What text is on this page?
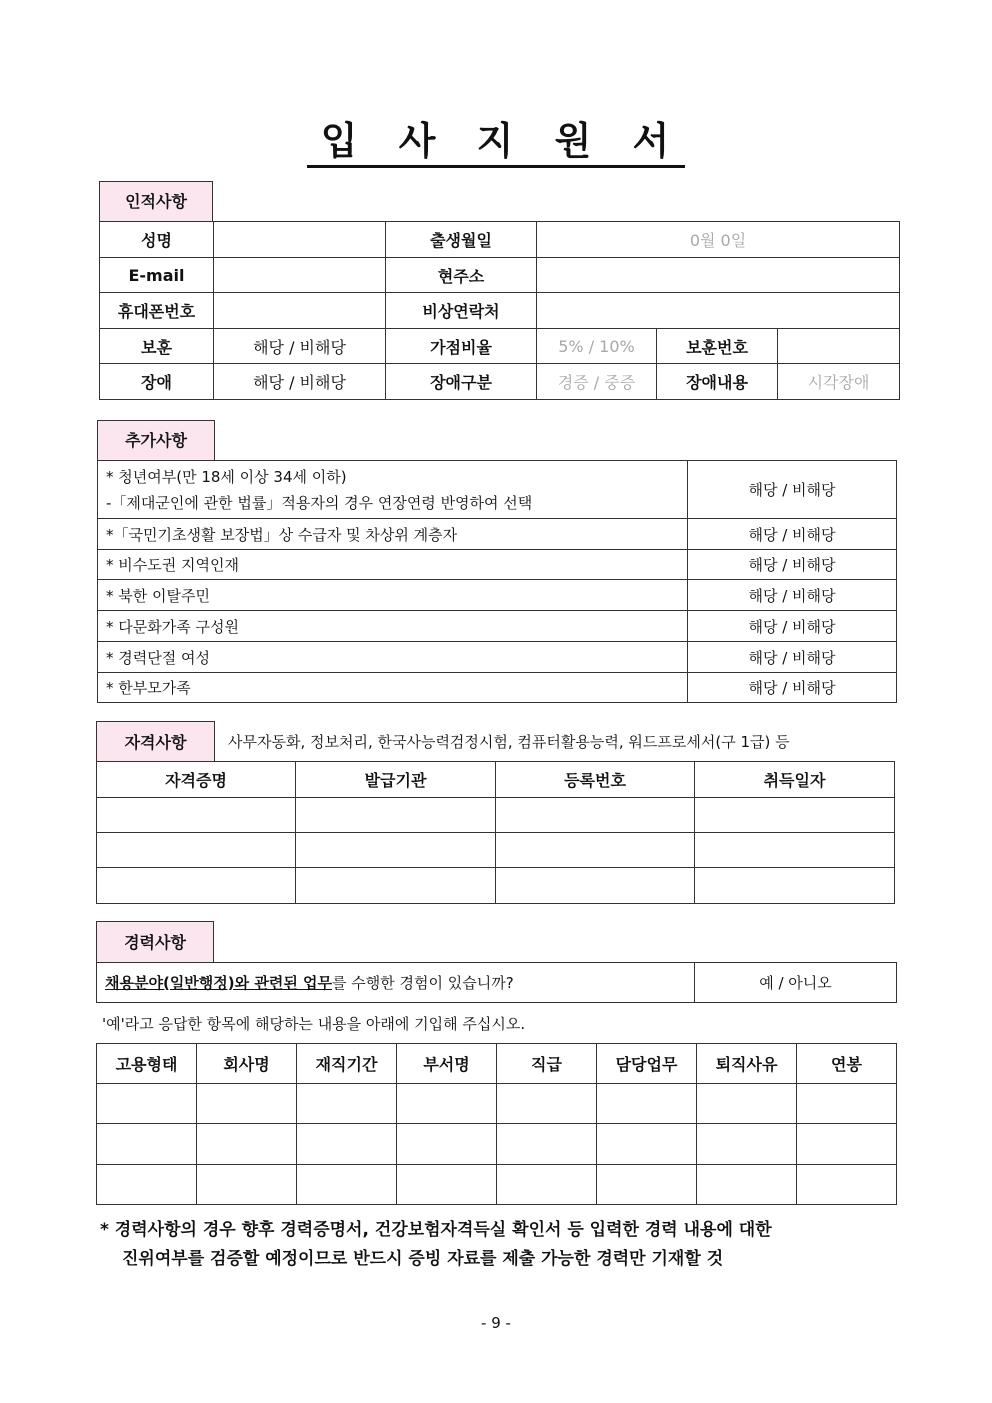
입 사 지 원 서
인적사항
성명		출생월일	0월 0일		
E-mail		현주소			
휴대폰번호		비상연락처			
보훈	해당 / 비해당	가점비율	5% / 10%	보훈번호	
장애	해당 / 비해당	장애구분	경증 / 중증	장애내용	시각장애
추가사항
* 청년여부(만 18세 이상 34세 이하)
-「제대군인에 관한 법률」적용자의 경우 연장연령 반영하여 선택	해당 / 비해당
*「국민기초생활 보장법」상 수급자 및 차상위 계층자	해당 / 비해당
* 비수도권 지역인재	해당 / 비해당
* 북한 이탈주민	해당 / 비해당
* 다문화가족 구성원	해당 / 비해당
* 경력단절 여성	해당 / 비해당
* 한부모가족	해당 / 비해당
자격사항	사무자동화, 정보처리, 한국사능력검정시험, 컴퓨터활용능력, 워드프로세서(구 1급) 등
자격증명	발급기관	등록번호	취득일자

경력사항
채용분야(일반행정)와 관련된 업무를 수행한 경험이 있습니까?	예 / 아니오
'예'라고 응답한 항목에 해당하는 내용을 아래에 기입해 주십시오.
고용형태	회사명	재직기간	부서명	직급	담당업무	퇴직사유	연봉

* 경력사항의 경우 향후 경력증명서, 건강보험자격득실 확인서 등 입력한 경력 내용에 대한
진위여부를 검증할 예정이므로 반드시 증빙 자료를 제출 가능한 경력만 기재할 것
- 9 -
